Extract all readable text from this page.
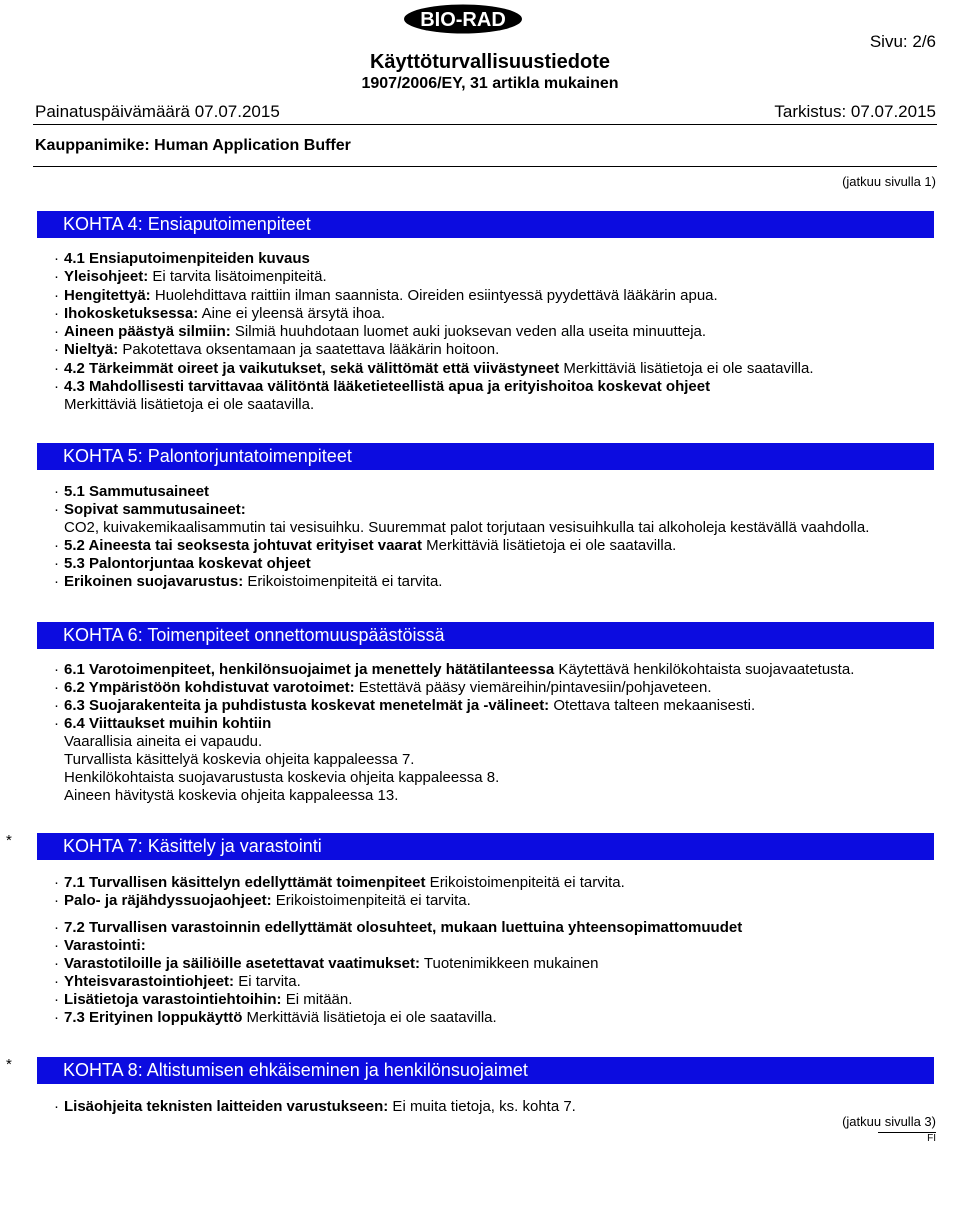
BIO-RAD
Sivu: 2/6
Käyttöturvallisuustiedote
1907/2006/EY, 31 artikla mukainen
Painatuspäivämäärä 07.07.2015	Tarkistus: 07.07.2015
Kauppanimike: Human Application Buffer
(jatkuu sivulla 1)
KOHTA 4: Ensiaputoimenpiteet
· 4.1 Ensiaputoimenpiteiden kuvaus
· Yleisohjeet: Ei tarvita lisätoimenpiteitä.
· Hengitettyä: Huolehdittava raittiin ilman saannista. Oireiden esiintyessä pyydettävä lääkärin apua.
· Ihokosketuksessa: Aine ei yleensä ärsytä ihoa.
· Aineen päästyä silmiin: Silmiä huuhdotaan luomet auki juoksevan veden alla useita minuutteja.
· Nieltyä: Pakotettava oksentamaan ja saatettava lääkärin hoitoon.
· 4.2 Tärkeimmät oireet ja vaikutukset, sekä välittömät että viivästyneet Merkittäviä lisätietoja ei ole saatavilla.
· 4.3 Mahdollisesti tarvittavaa välitöntä lääketieteellistä apua ja erityishoitoa koskevat ohjeet
Merkittäviä lisätietoja ei ole saatavilla.
KOHTA 5: Palontorjuntatoimenpiteet
· 5.1 Sammutusaineet
· Sopivat sammutusaineet:
CO2, kuivakemikaalisammutin tai vesisuihku. Suuremmat palot torjutaan vesisuihkulla tai alkoholeja kestävällä vaahdolla.
· 5.2 Aineesta tai seoksesta johtuvat erityiset vaarat Merkittäviä lisätietoja ei ole saatavilla.
· 5.3 Palontorjuntaa koskevat ohjeet
· Erikoinen suojavarustus: Erikoistoimenpiteitä ei tarvita.
KOHTA 6: Toimenpiteet onnettomuuspäästöissä
· 6.1 Varotoimenpiteet, henkilönsuojaimet ja menettely hätätilanteessa Käytettävä henkilökohtaista suojavaatetusta.
· 6.2 Ympäristöön kohdistuvat varotoimet: Estettävä pääsy viemäreihin/pintavesiin/pohjaveteen.
· 6.3 Suojarakenteita ja puhdistusta koskevat menetelmät ja -välineet: Otettava talteen mekaanisesti.
· 6.4 Viittaukset muihin kohtiin
Vaarallisia aineita ei vapaudu.
Turvallista käsittelyä koskevia ohjeita kappaleessa 7.
Henkilökohtaista suojavarustusta koskevia ohjeita kappaleessa 8.
Aineen hävitystä koskevia ohjeita kappaleessa 13.
*	KOHTA 7: Käsittely ja varastointi
· 7.1 Turvallisen käsittelyn edellyttämät toimenpiteet Erikoistoimenpiteitä ei tarvita.
· Palo- ja räjähdyssuojaohjeet: Erikoistoimenpiteitä ei tarvita.
· 7.2 Turvallisen varastoinnin edellyttämät olosuhteet, mukaan luettuina yhteensopimattomuudet
· Varastointi:
· Varastotiloille ja säiliöille asetettavat vaatimukset: Tuotenimikkeen mukainen
· Yhteisvarastointiohjeet: Ei tarvita.
· Lisätietoja varastointiehtoihin: Ei mitään.
· 7.3 Erityinen loppukäyttö Merkittäviä lisätietoja ei ole saatavilla.
*	KOHTA 8: Altistumisen ehkäiseminen ja henkilönsuojaimet
· Lisäohjeita teknisten laitteiden varustukseen: Ei muita tietoja, ks. kohta 7.
(jatkuu sivulla 3)
FI
